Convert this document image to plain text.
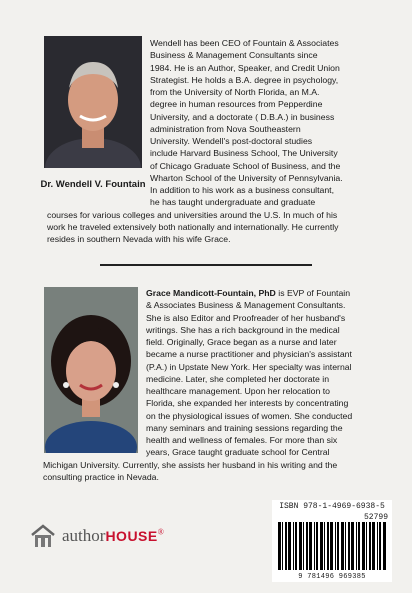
Dr. Wendell V. Fountain

Wendell has been CEO of Fountain & Associates

Business & Management Consultants since

1984. He is an Author, Speaker, and Credit Union

Strategist. He holds a B.A. degree in psychology,

from the University of North Florida, an M.A.

degree in human resources from Pepperdine

University, and a doctorate ( D.B.A.) in business

administration from Nova Southeastern

University. Wendell's post-doctoral studies

include Harvard Business School, The University

of Chicago Graduate School of Business, and the

Wharton School of the University of Pennsylvania.

In addition to his work as a business consultant,

he has taught undergraduate and graduate

courses for various colleges and universities around the U.S. In much of his

work he traveled extensively both nationally and internationally. He currently

resides in southern Nevada with his wife Grace.

Grace Mandicott-Fountain, PhD is EVP of Fountain

& Associates Business & Management Consultants.

She is also Editor and Proofreader of her husband's

writings. She has a rich background in the medical

field. Originally, Grace began as a nurse and later

became a nurse practitioner and physician's assistant

(P.A.) in Upstate New York. Her specialty was internal

medicine. Later, she completed her doctorate in

healthcare management. Upon her relocation to

Florida, she expanded her interests by concentrating

on the physiological issues of women. She conducted

many seminars and training sessions regarding the

health and wellness of females. For more than six

years, Grace taught graduate school for Central

Michigan University. Currently, she assists her husband in his writing and the

consulting practice in Nevada.

authorHOUSE®
ISBN 978-1-4969-6938-5
52799
9 781496 969385
